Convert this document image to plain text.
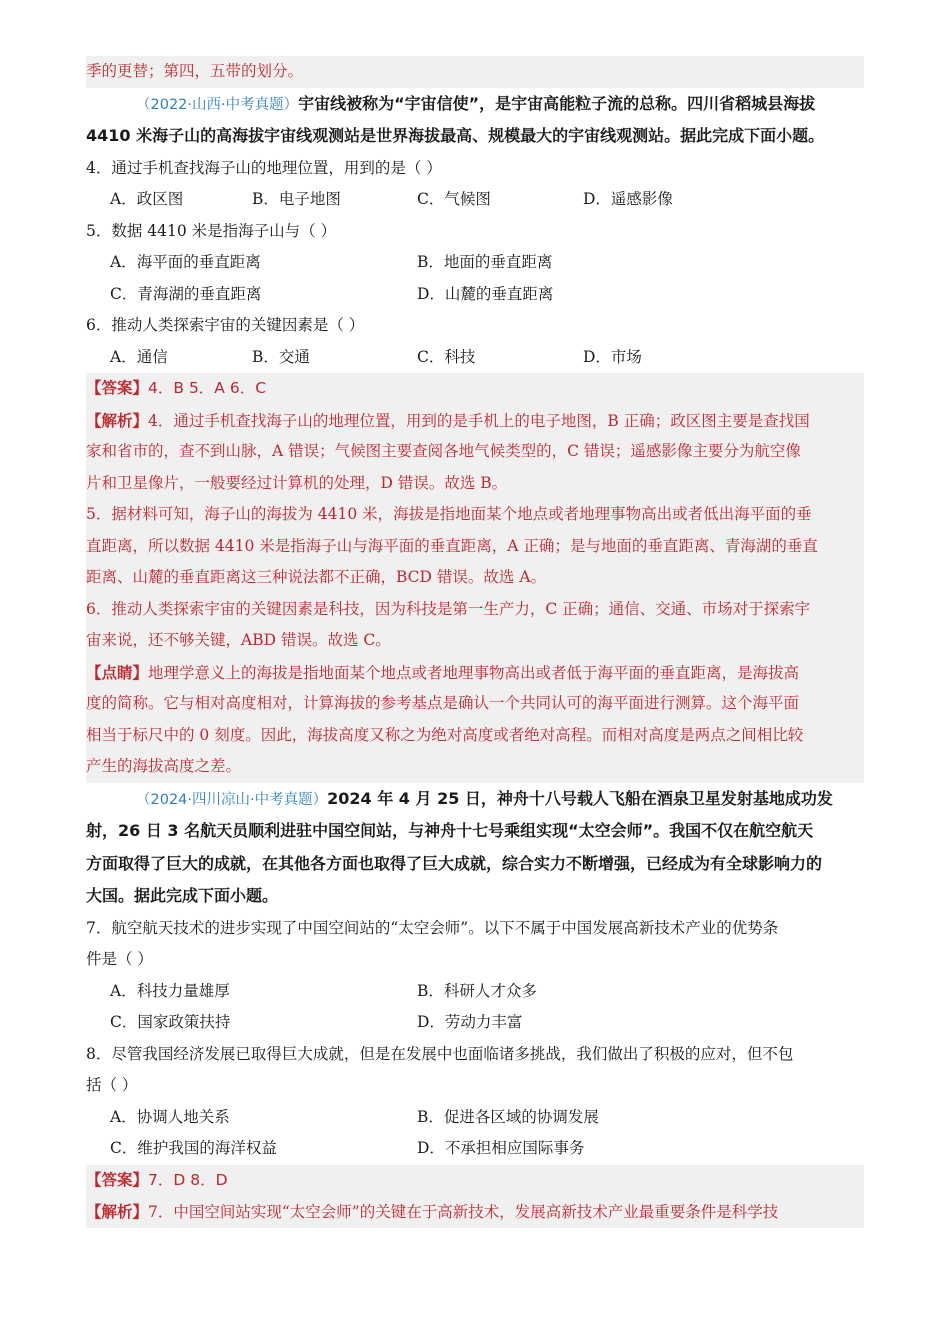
季的更替；第四，五带的划分。
（2022·山西·中考真题）宇宙线被称为“宇宙信使”，是宇宙高能粒子流的总称。四川省稻城县海拔
4410 米海子山的高海拔宇宙线观测站是世界海拔最高、规模最大的宇宙线观测站。据此完成下面小题。
4．通过手机查找海子山的地理位置，用到的是（ ）
A．政区图	B．电子地图	C．气候图	D．遥感影像
5．数据 4410 米是指海子山与（ ）
A．海平面的垂直距离	B．地面的垂直距离
C．青海湖的垂直距离	D．山麓的垂直距离
6．推动人类探索宇宙的关键因素是（ ）
A．通信	B．交通	C．科技	D．市场
【答案】4．B 5．A 6．C
【解析】4．通过手机查找海子山的地理位置，用到的是手机上的电子地图，B 正确；政区图主要是查找国
家和省市的，查不到山脉，A 错误；气候图主要查阅各地气候类型的，C 错误；遥感影像主要分为航空像
片和卫星像片，一般要经过计算机的处理，D 错误。故选 B。
5．据材料可知，海子山的海拔为 4410 米，海拔是指地面某个地点或者地理事物高出或者低出海平面的垂
直距离，所以数据 4410 米是指海子山与海平面的垂直距离，A 正确；是与地面的垂直距离、青海湖的垂直
距离、山麓的垂直距离这三种说法都不正确，BCD 错误。故选 A。
6．推动人类探索宇宙的关键因素是科技，因为科技是第一生产力，C 正确；通信、交通、市场对于探索宇
宙来说，还不够关键，ABD 错误。故选 C。
【点睛】地理学意义上的海拔是指地面某个地点或者地理事物高出或者低于海平面的垂直距离，是海拔高
度的简称。它与相对高度相对，计算海拔的参考基点是确认一个共同认可的海平面进行测算。这个海平面
相当于标尺中的 0 刻度。因此，海拔高度又称之为绝对高度或者绝对高程。而相对高度是两点之间相比较
产生的海拔高度之差。
（2024·四川凉山·中考真题）2024 年 4 月 25 日，神舟十八号载人飞船在酒泉卫星发射基地成功发
射，26 日 3 名航天员顺利进驻中国空间站，与神舟十七号乘组实现“太空会师”。我国不仅在航空航天
方面取得了巨大的成就，在其他各方面也取得了巨大成就，综合实力不断增强，已经成为有全球影响力的
大国。据此完成下面小题。
7．航空航天技术的进步实现了中国空间站的“太空会师”。以下不属于中国发展高新技术产业的优势条
件是（ ）
A．科技力量雄厚	B．科研人才众多
C．国家政策扶持	D．劳动力丰富
8．尽管我国经济发展已取得巨大成就，但是在发展中也面临诸多挑战，我们做出了积极的应对，但不包
括（ ）
A．协调人地关系	B．促进各区域的协调发展
C．维护我国的海洋权益	D．不承担相应国际事务
【答案】7．D 8．D
【解析】7．中国空间站实现“太空会师”的关键在于高新技术，发展高新技术产业最重要条件是科学技
